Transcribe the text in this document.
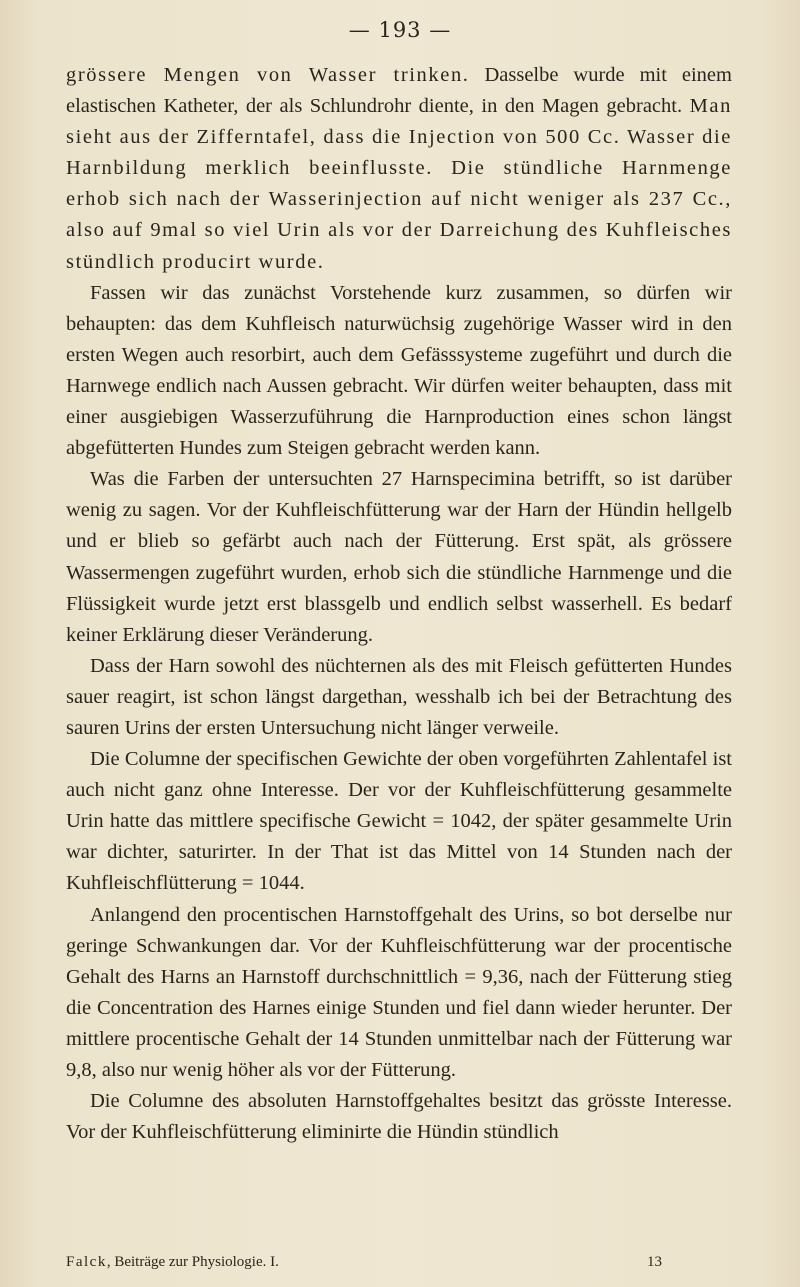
— 193 —

grössere Mengen von Wasser trinken. Dasselbe wurde mit einem elastischen Katheter, der als Schlundrohr diente, in den Magen gebracht. Man sieht aus der Zifferntafel, dass die Injection von 500 Cc. Wasser die Harnbildung merklich beeinflusste. Die stündliche Harnmenge erhob sich nach der Wasserinjection auf nicht weniger als 237 Cc., also auf 9mal so viel Urin als vor der Darreichung des Kuhfleisches stündlich producirt wurde.

Fassen wir das zunächst Vorstehende kurz zusammen, so dürfen wir behaupten: das dem Kuhfleisch naturwüchsig zugehörige Wasser wird in den ersten Wegen auch resorbirt, auch dem Gefässsysteme zugeführt und durch die Harnwege endlich nach Aussen gebracht. Wir dürfen weiter behaupten, dass mit einer ausgiebigen Wasserzuführung die Harnproduction eines schon längst abgefütterten Hundes zum Steigen gebracht werden kann.

Was die Farben der untersuchten 27 Harnspecimina betrifft, so ist darüber wenig zu sagen. Vor der Kuhfleischfütterung war der Harn der Hündin hellgelb und er blieb so gefärbt auch nach der Fütterung. Erst spät, als grössere Wassermengen zugeführt wurden, erhob sich die stündliche Harnmenge und die Flüssigkeit wurde jetzt erst blassgelb und endlich selbst wasserhell. Es bedarf keiner Erklärung dieser Veränderung.

Dass der Harn sowohl des nüchternen als des mit Fleisch gefütterten Hundes sauer reagirt, ist schon längst dargethan, wesshalb ich bei der Betrachtung des sauren Urins der ersten Untersuchung nicht länger verweile.

Die Columne der specifischen Gewichte der oben vorgeführten Zahlentafel ist auch nicht ganz ohne Interesse. Der vor der Kuhfleischfütterung gesammelte Urin hatte das mittlere specifische Gewicht = 1042, der später gesammelte Urin war dichter, saturirter. In der That ist das Mittel von 14 Stunden nach der Kuhfleischflütterung = 1044.

Anlangend den procentischen Harnstoffgehalt des Urins, so bot derselbe nur geringe Schwankungen dar. Vor der Kuhfleischfütterung war der procentische Gehalt des Harns an Harnstoff durchschnittlich = 9,36, nach der Fütterung stieg die Concentration des Harnes einige Stunden und fiel dann wieder herunter. Der mittlere procentische Gehalt der 14 Stunden unmittelbar nach der Fütterung war 9,8, also nur wenig höher als vor der Fütterung.

Die Columne des absoluten Harnstoffgehaltes besitzt das grösste Interesse. Vor der Kuhfleischfütterung eliminirte die Hündin stündlich

Falck, Beiträge zur Physiologie. I.	13
